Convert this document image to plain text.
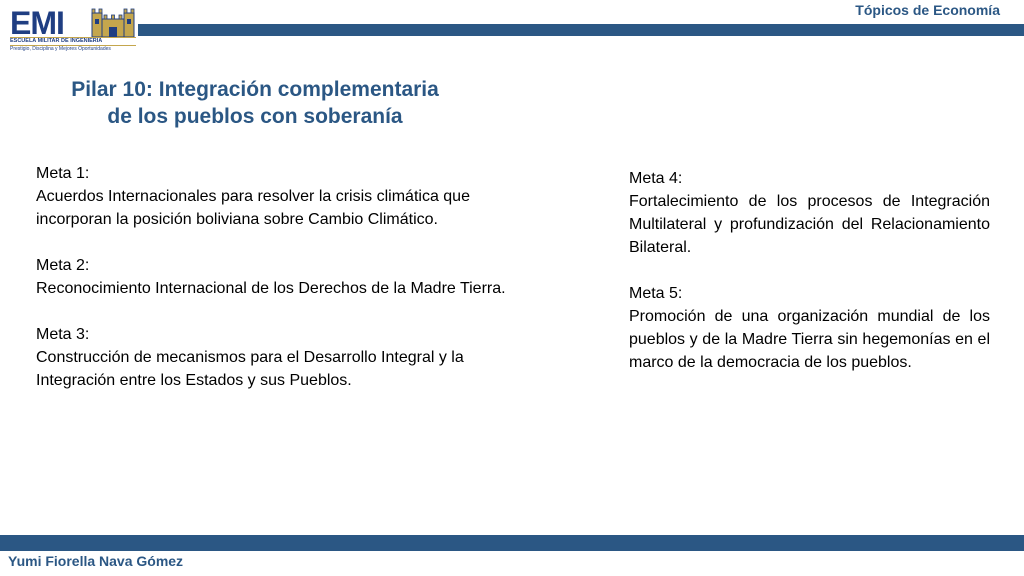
Tópicos de Economía
EMI
ESCUELA MILITAR DE INGENIERIA
Prestigio, Disciplina y Mejores Oportunidades
Pilar 10: Integración complementaria
de los pueblos con soberanía
Meta 1:
Acuerdos Internacionales para resolver la crisis climática que incorporan la posición boliviana sobre Cambio Climático.
Meta 2:
Reconocimiento Internacional de los Derechos de la Madre Tierra.
Meta 3:
Construcción de mecanismos para el Desarrollo Integral y la Integración entre los Estados y sus Pueblos.
Meta 4:
Fortalecimiento de los procesos de Integración Multilateral y profundización del Relacionamiento Bilateral.
Meta 5:
Promoción de una organización mundial de los pueblos y de la Madre Tierra sin hegemonías en el marco de la democracia de los pueblos.
Yumi Fiorella Nava Gómez
